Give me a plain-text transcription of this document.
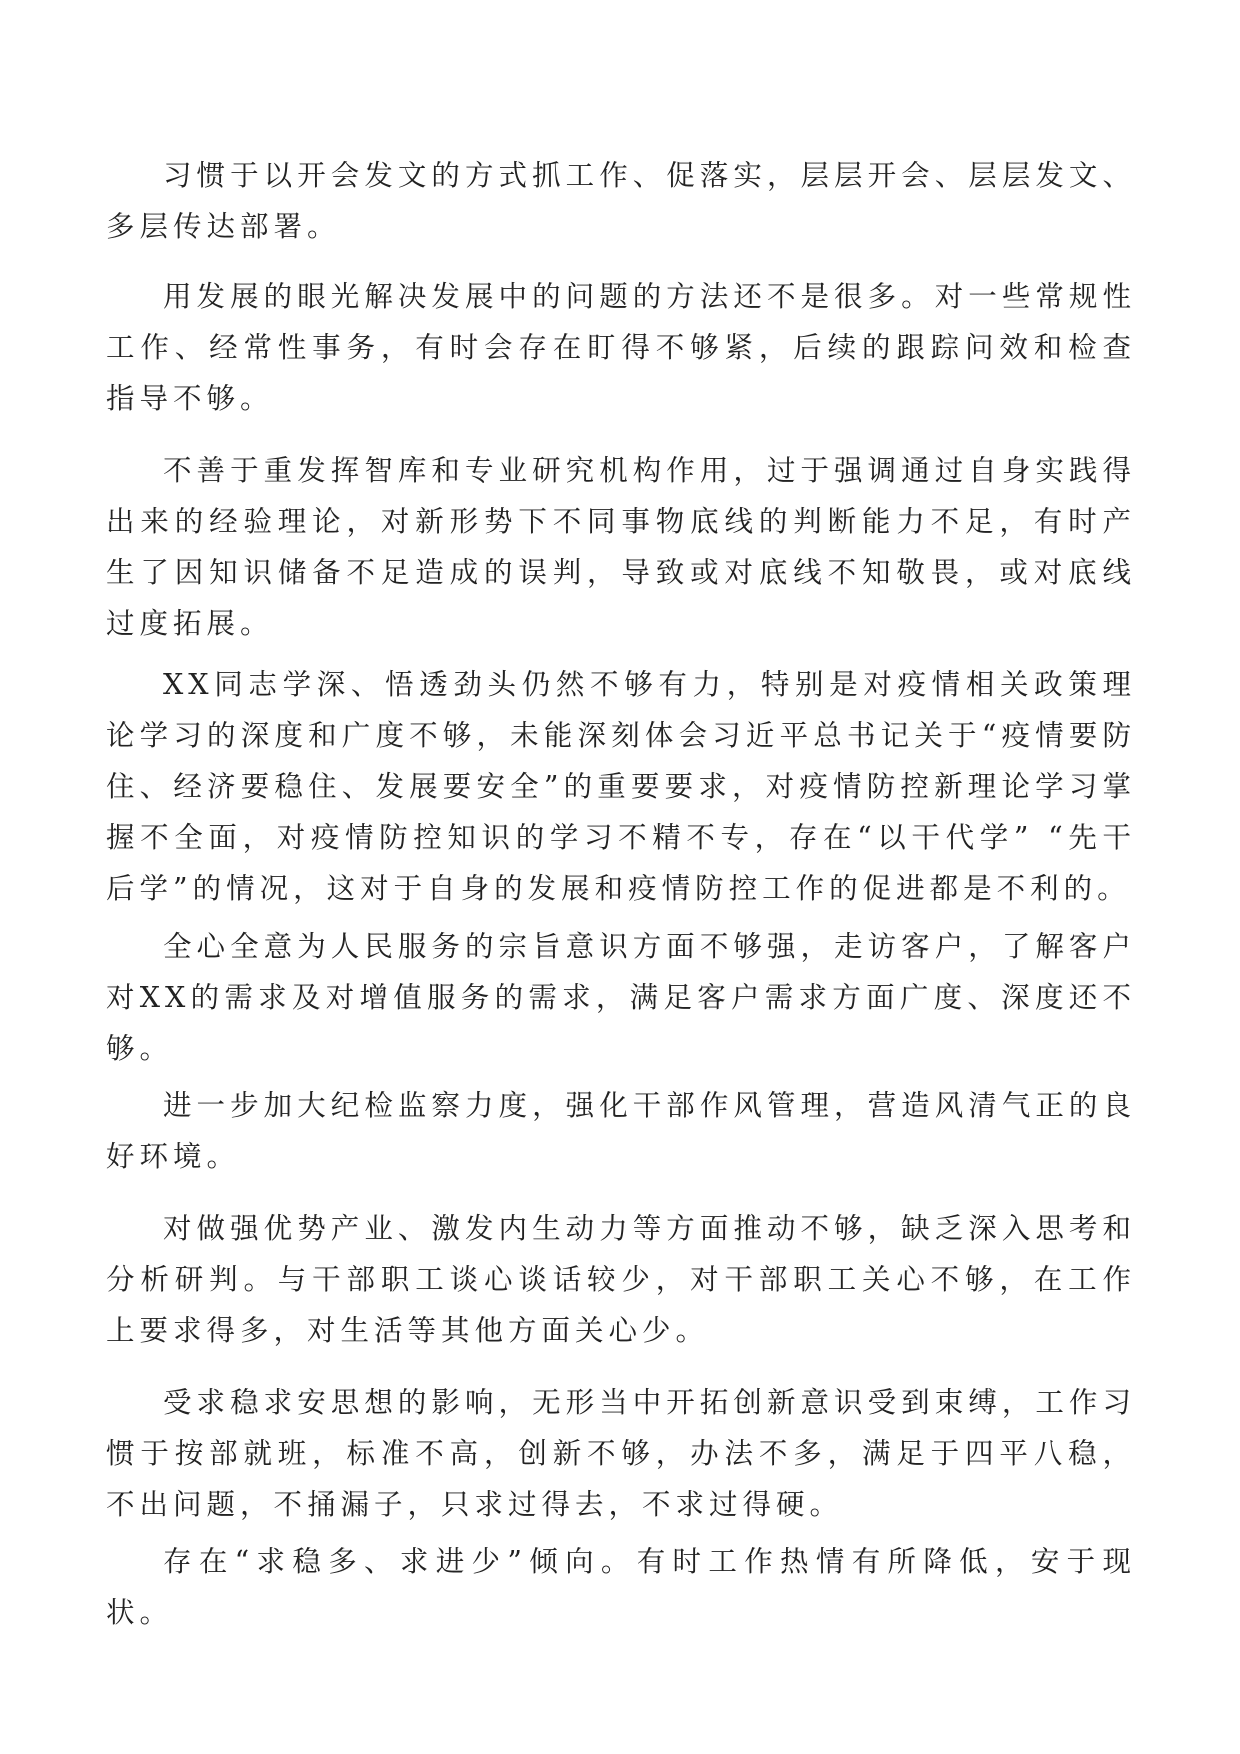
习惯于以开会发文的方式抓工作、促落实，层层开会、层层发文、多层传达部署。

用发展的眼光解决发展中的问题的方法还不是很多。对一些常规性工作、经常性事务，有时会存在盯得不够紧，后续的跟踪问效和检查指导不够。

不善于重发挥智库和专业研究机构作用，过于强调通过自身实践得出来的经验理论，对新形势下不同事物底线的判断能力不足，有时产生了因知识储备不足造成的误判，导致或对底线不知敬畏，或对底线过度拓展。

XX同志学深、悟透劲头仍然不够有力，特别是对疫情相关政策理论学习的深度和广度不够，未能深刻体会习近平总书记关于“疫情要防住、经济要稳住、发展要安全”的重要要求，对疫情防控新理论学习掌握不全面，对疫情防控知识的学习不精不专，存在“以干代学” “先干后学”的情况，这对于自身的发展和疫情防控工作的促进都是不利的。

全心全意为人民服务的宗旨意识方面不够强，走访客户，了解客户对XX的需求及对增值服务的需求，满足客户需求方面广度、深度还不够。

进一步加大纪检监察力度，强化干部作风管理，营造风清气正的良好环境。

对做强优势产业、激发内生动力等方面推动不够，缺乏深入思考和分析研判。与干部职工谈心谈话较少，对干部职工关心不够，在工作上要求得多，对生活等其他方面关心少。

受求稳求安思想的影响，无形当中开拓创新意识受到束缚，工作习惯于按部就班，标准不高，创新不够，办法不多，满足于四平八稳，不出问题，不捅漏子，只求过得去，不求过得硬。

存在“求稳多、求进少”倾向。有时工作热情有所降低，安于现状。
